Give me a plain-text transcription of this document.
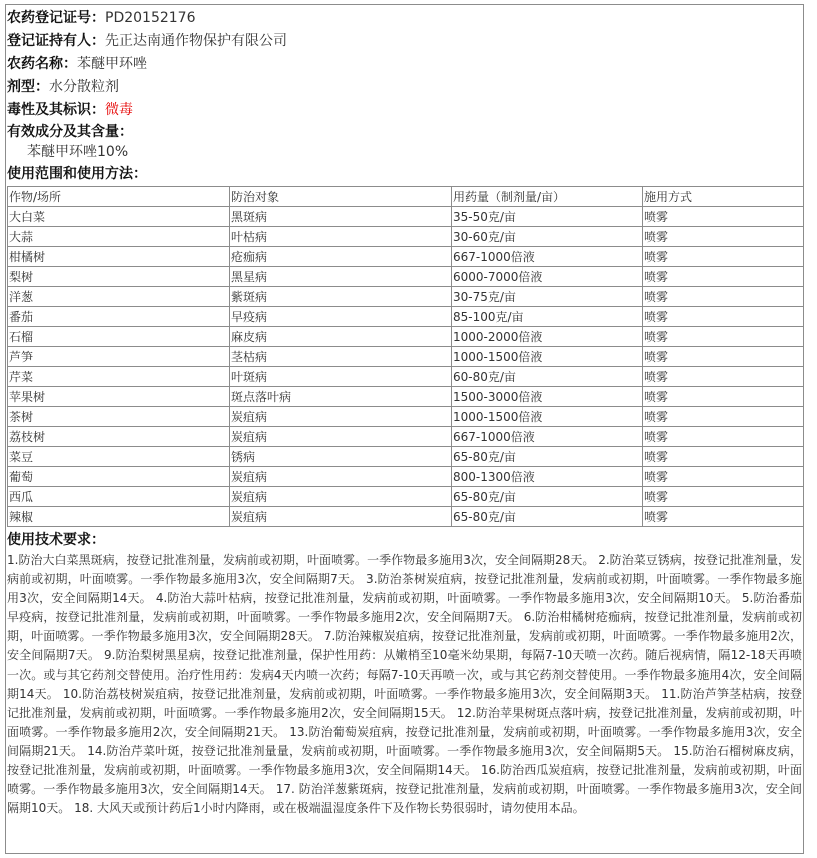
农药登记证号：PD20152176
登记证持有人：先正达南通作物保护有限公司
农药名称：苯醚甲环唑
剂型：水分散粒剂
毒性及其标识：微毒
有效成分及其含量：
苯醚甲环唑10%
使用范围和使用方法：
作物/场所	防治对象	用药量（制剂量/亩）	施用方式
大白菜	黑斑病	35-50克/亩	喷雾
大蒜	叶枯病	30-60克/亩	喷雾
柑橘树	疮痂病	667-1000倍液	喷雾
梨树	黑星病	6000-7000倍液	喷雾
洋葱	紫斑病	30-75克/亩	喷雾
番茄	早疫病	85-100克/亩	喷雾
石榴	麻皮病	1000-2000倍液	喷雾
芦笋	茎枯病	1000-1500倍液	喷雾
芹菜	叶斑病	60-80克/亩	喷雾
苹果树	斑点落叶病	1500-3000倍液	喷雾
茶树	炭疽病	1000-1500倍液	喷雾
荔枝树	炭疽病	667-1000倍液	喷雾
菜豆	锈病	65-80克/亩	喷雾
葡萄	炭疽病	800-1300倍液	喷雾
西瓜	炭疽病	65-80克/亩	喷雾
辣椒	炭疽病	65-80克/亩	喷雾
使用技术要求：
1.防治大白菜黑斑病，按登记批准剂量，发病前或初期，叶面喷雾。一季作物最多施用3次，安全间隔期28天。 2.防治菜豆锈病，按登记批准剂量，发病前或初期，叶面喷雾。一季作物最多施用3次，安全间隔期7天。 3.防治茶树炭疽病，按登记批准剂量，发病前或初期，叶面喷雾。一季作物最多施用3次，安全间隔期14天。 4.防治大蒜叶枯病，按登记批准剂量，发病前或初期，叶面喷雾。一季作物最多施用3次，安全间隔期10天。 5.防治番茄早疫病，按登记批准剂量，发病前或初期，叶面喷雾。一季作物最多施用2次，安全间隔期7天。 6.防治柑橘树疮痂病，按登记批准剂量，发病前或初期，叶面喷雾。一季作物最多施用3次，安全间隔期28天。 7.防治辣椒炭疽病，按登记批准剂量，发病前或初期，叶面喷雾。一季作物最多施用2次，安全间隔期7天。 9.防治梨树黑星病，按登记批准剂量，保护性用药：从嫩梢至10毫米幼果期，每隔7-10天喷一次药。随后视病情，隔12-18天再喷一次。或与其它药剂交替使用。治疗性用药：发病4天内喷一次药；每隔7-10天再喷一次，或与其它药剂交替使用。一季作物最多施用4次，安全间隔期14天。 10.防治荔枝树炭疽病，按登记批准剂量，发病前或初期，叶面喷雾。一季作物最多施用3次，安全间隔期3天。 11.防治芦笋茎枯病，按登记批准剂量，发病前或初期，叶面喷雾。一季作物最多施用2次，安全间隔期15天。 12.防治苹果树斑点落叶病，按登记批准剂量，发病前或初期，叶面喷雾。一季作物最多施用2次，安全间隔期21天。 13.防治葡萄炭疽病，按登记批准剂量，发病前或初期，叶面喷雾。一季作物最多施用3次，安全间隔期21天。 14.防治芹菜叶斑，按登记批准剂量量，发病前或初期，叶面喷雾。一季作物最多施用3次，安全间隔期5天。 15.防治石榴树麻皮病，按登记批准剂量，发病前或初期，叶面喷雾。一季作物最多施用3次，安全间隔期14天。 16.防治西瓜炭疽病，按登记批准剂量，发病前或初期，叶面喷雾。一季作物最多施用3次，安全间隔期14天。 17. 防治洋葱紫斑病，按登记批准剂量，发病前或初期，叶面喷雾。一季作物最多施用3次，安全间隔期10天。 18. 大风天或预计药后1小时内降雨，或在极端温湿度条件下及作物长势很弱时，请勿使用本品。
